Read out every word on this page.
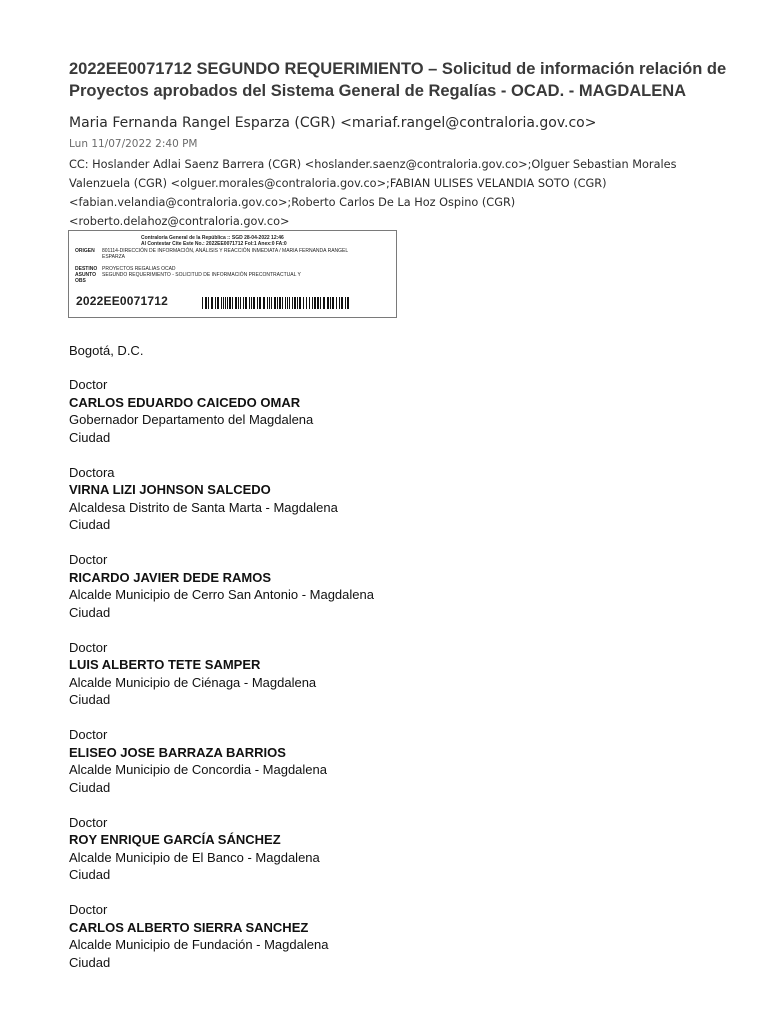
2022EE0071712 SEGUNDO REQUERIMIENTO – Solicitud de información relación de Proyectos aprobados del Sistema General de Regalías - OCAD. - MAGDALENA
Maria Fernanda Rangel Esparza (CGR) <mariaf.rangel@contraloria.gov.co>
Lun 11/07/2022 2:40 PM
CC: Hoslander Adlai Saenz Barrera (CGR) <hoslander.saenz@contraloria.gov.co>;Olguer Sebastian Morales Valenzuela (CGR) <olguer.morales@contraloria.gov.co>;FABIAN ULISES VELANDIA SOTO (CGR) <fabian.velandia@contraloria.gov.co>;Roberto Carlos De La Hoz Ospino (CGR) <roberto.delahoz@contraloria.gov.co>
Contraloría General de la República :: SGD 28-04-2022 12:46
Al Contestar Cite Este No.: 2022EE0071712 Fol:1 Anex:0 FA:0
ORIGEN 801114-DIRECCIÓN DE INFORMACIÓN, ANÁLISIS Y REACCIÓN INMEDIATA / MARIA FERNANDA RANGEL ESPARZA
DESTINO PROYECTOS REGALIAS OCAD
ASUNTO SEGUNDO REQUERIMIENTO - SOLICITUD DE INFORMACIÓN PRECONTRACTUAL Y
OBS
2022EE0071712
Bogotá, D.C.
Doctor
CARLOS EDUARDO CAICEDO OMAR
Gobernador Departamento del Magdalena
Ciudad
Doctora
VIRNA LIZI JOHNSON SALCEDO
Alcaldesa Distrito de Santa Marta - Magdalena
Ciudad
Doctor
RICARDO JAVIER DEDE RAMOS
Alcalde Municipio de Cerro San Antonio - Magdalena
Ciudad
Doctor
LUIS ALBERTO TETE SAMPER
Alcalde Municipio de Ciénaga - Magdalena
Ciudad
Doctor
ELISEO JOSE BARRAZA BARRIOS
Alcalde Municipio de Concordia - Magdalena
Ciudad
Doctor
ROY ENRIQUE GARCÍA SÁNCHEZ
Alcalde Municipio de El Banco - Magdalena
Ciudad
Doctor
CARLOS ALBERTO SIERRA SANCHEZ
Alcalde Municipio de Fundación - Magdalena
Ciudad
